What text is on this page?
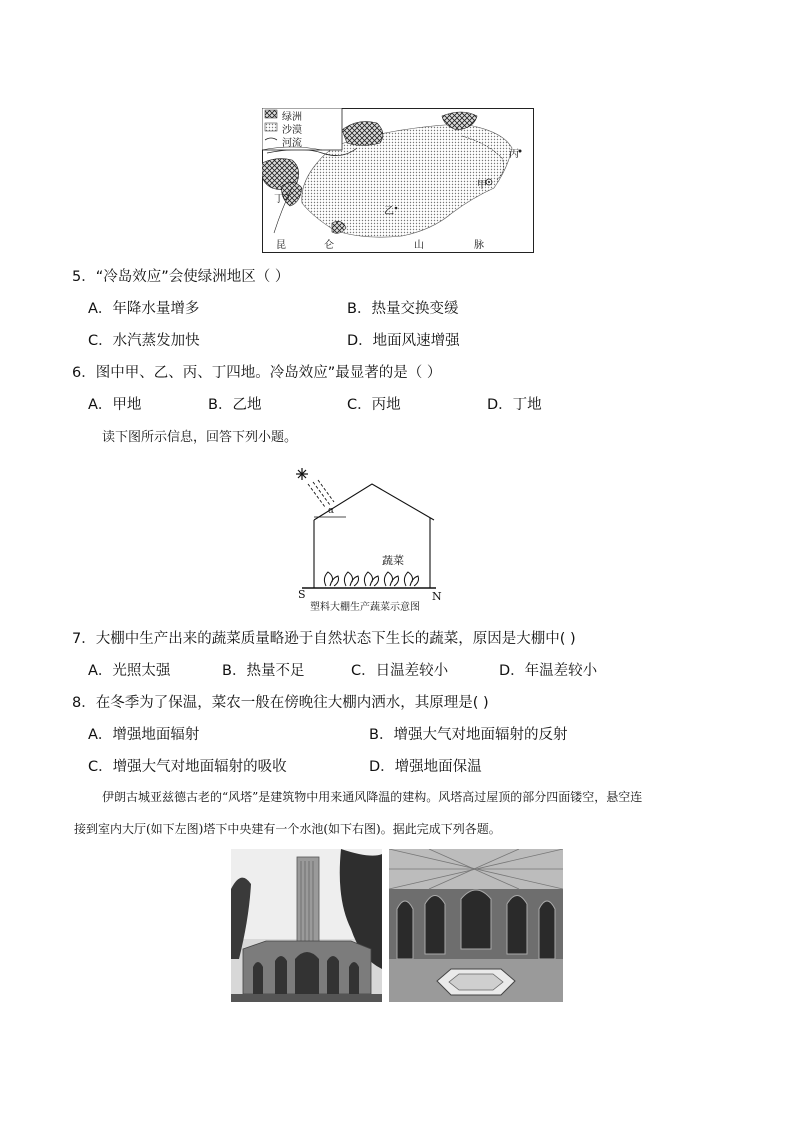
绿洲
沙漠
河流
甲
乙
丙
丁
昆	仑	山	脉
5．“冷岛效应”会使绿洲地区（ ）
A．年降水量增多	B．热量交换变缓
C．水汽蒸发加快	D．地面风速增强
6．图中甲、乙、丙、丁四地。冷岛效应”最显著的是（ ）
A．甲地	B．乙地	C．丙地	D．丁地
读下图所示信息，回答下列小题。
α
蔬菜
S	N
塑料大棚生产蔬菜示意图
7．大棚中生产出来的蔬菜质量略逊于自然状态下生长的蔬菜，原因是大棚中( )
A．光照太强	B．热量不足	C．日温差较小	D．年温差较小
8．在冬季为了保温，菜农一般在傍晚往大棚内洒水，其原理是( )
A．增强地面辐射	B．增强大气对地面辐射的反射
C．增强大气对地面辐射的吸收	D．增强地面保温
伊朗古城亚兹德古老的“风塔”是建筑物中用来通风降温的建构。风塔高过屋顶的部分四面镂空，悬空连
接到室内大厅(如下左图)塔下中央建有一个水池(如下右图)。据此完成下列各题。
